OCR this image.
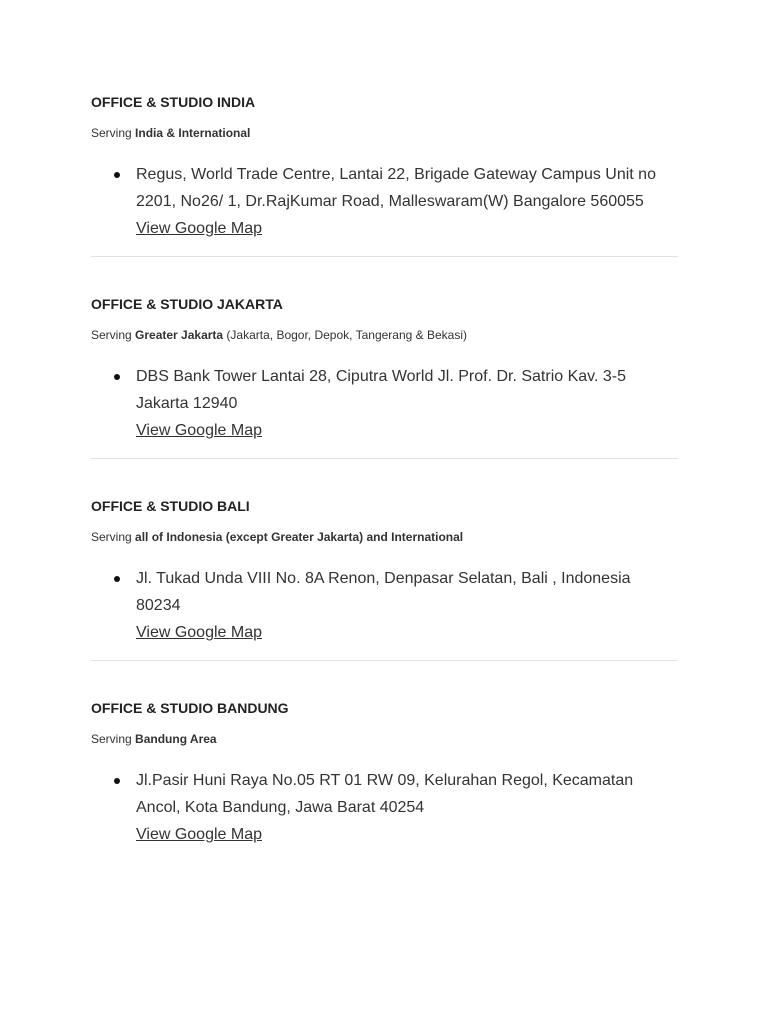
OFFICE & STUDIO INDIA
Serving India & International
Regus, World Trade Centre, Lantai 22, Brigade Gateway Campus Unit no 2201, No26/ 1, Dr.RajKumar Road, Malleswaram(W) Bangalore 560055
View Google Map
OFFICE & STUDIO JAKARTA
Serving Greater Jakarta (Jakarta, Bogor, Depok, Tangerang & Bekasi)
DBS Bank Tower Lantai 28, Ciputra World Jl. Prof. Dr. Satrio Kav. 3-5 Jakarta 12940
View Google Map
OFFICE & STUDIO BALI
Serving all of Indonesia (except Greater Jakarta) and International
Jl. Tukad Unda VIII No. 8A Renon, Denpasar Selatan, Bali , Indonesia 80234
View Google Map
OFFICE & STUDIO BANDUNG
Serving Bandung Area
Jl.Pasir Huni Raya No.05 RT 01 RW 09, Kelurahan Regol, Kecamatan Ancol, Kota Bandung, Jawa Barat 40254
View Google Map
